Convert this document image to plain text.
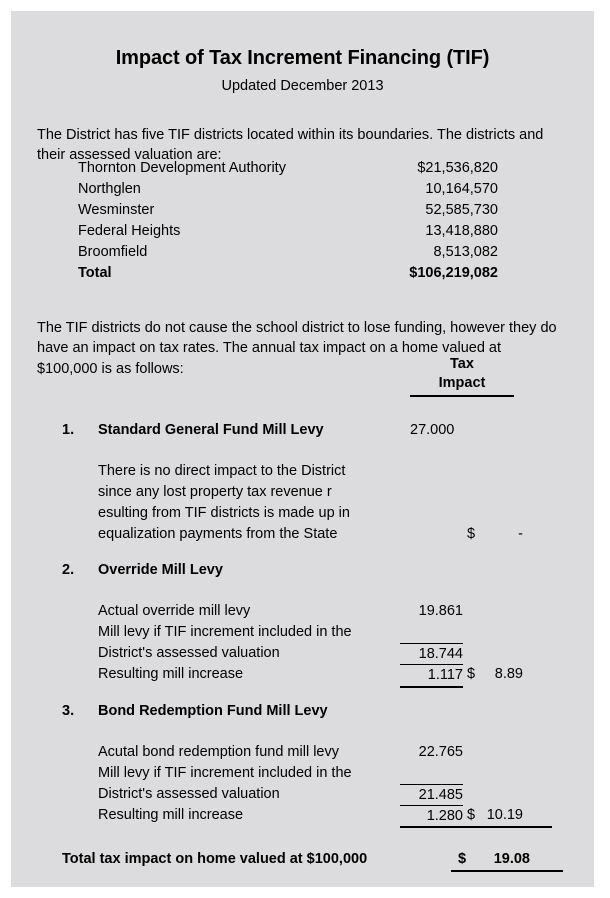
Impact of Tax Increment Financing (TIF)
Updated December 2013

The District has five TIF districts located within its boundaries. The districts and their assessed valuation are:

Thornton Development Authority	$21,536,820
Northglen	10,164,570
Wesminster	52,585,730
Federal Heights	13,418,880
Broomfield	8,513,082
Total	$106,219,082

The TIF districts do not cause the school district to lose funding, however they do have an impact on tax rates. The annual tax impact on a home valued at $100,000 is as follows:	Tax
Impact
1. Standard General Fund Mill Levy	27.000
There is no direct impact to the District
since any lost property tax revenue r
esulting from TIF districts is made up in
equalization payments from the State	$	-
2. Override Mill Levy
Actual override mill levy	19.861
Mill levy if TIF increment included in the
District's assessed valuation	18.744
Resulting mill increase	1.117 $	8.89
3. Bond Redemption Fund Mill Levy
Acutal bond redemption fund mill levy	22.765
Mill levy if TIF increment included in the
District's assessed valuation	21.485
Resulting mill increase	1.280 $ 10.19
Total tax impact on home valued at $100,000	$	19.08
